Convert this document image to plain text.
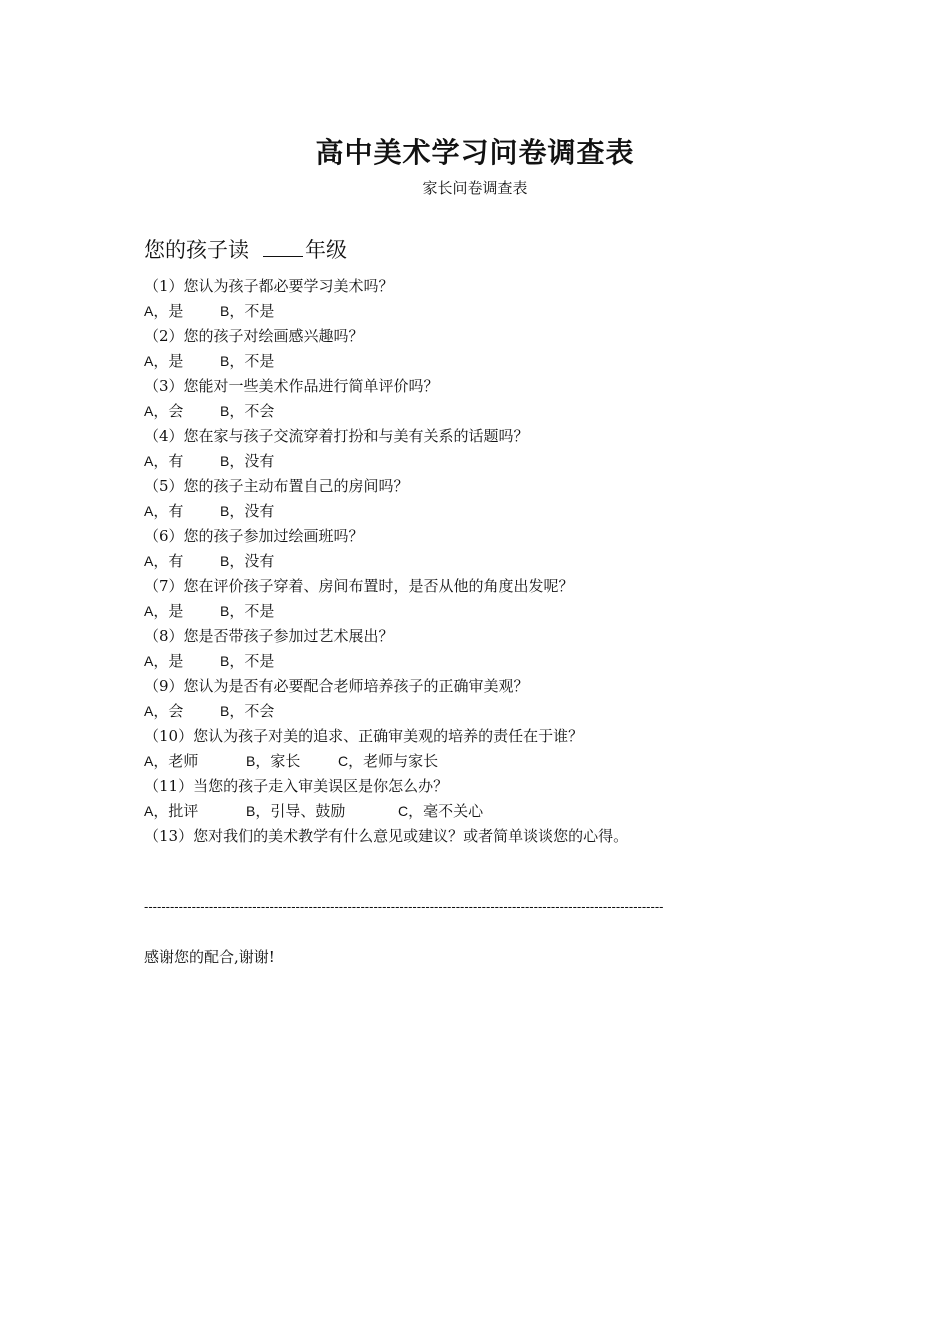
高中美术学习问卷调查表
家长问卷调查表
您的孩子读	年级
（1）您认为孩子都必要学习美术吗？
A，是	B，不是
（2）您的孩子对绘画感兴趣吗？
A，是	B，不是
（3）您能对一些美术作品进行简单评价吗？
A，会	B，不会
（4）您在家与孩子交流穿着打扮和与美有关系的话题吗？
A，有	B，没有
（5）您的孩子主动布置自己的房间吗？
A，有	B，没有
（6）您的孩子参加过绘画班吗？
A，有	B，没有
（7）您在评价孩子穿着、房间布置时，是否从他的角度出发呢？
A，是	B，不是
（8）您是否带孩子参加过艺术展出？
A，是	B，不是
（9）您认为是否有必要配合老师培养孩子的正确审美观？
A，会	B，不会
（10）您认为孩子对美的追求、正确审美观的培养的责任在于谁？
A，老师	B，家长	C，老师与家长
（11）当您的孩子走入审美误区是你怎么办？
A，批评	B，引导、鼓励	C，毫不关心
（13）您对我们的美术教学有什么意见或建议？或者简单谈谈您的心得。
------------------------------------------------------------------------------------------------------------------------
感谢您的配合,谢谢!
